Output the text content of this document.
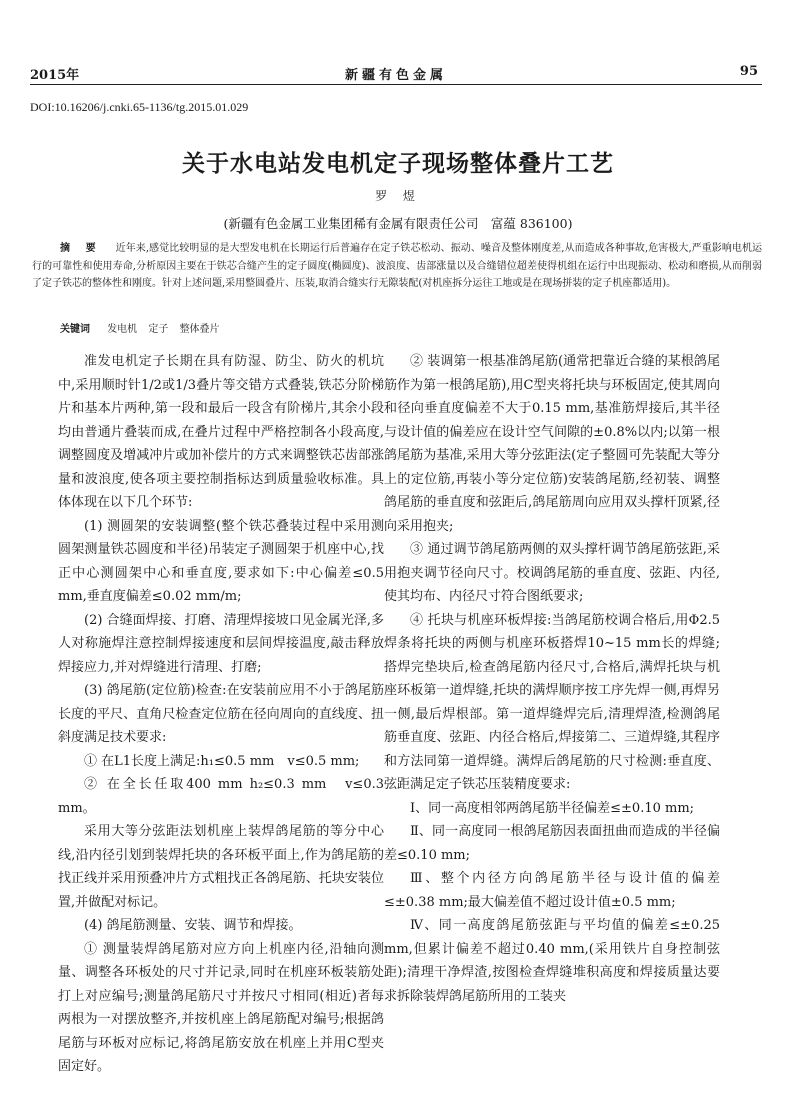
2015年	新疆有色金属	95
DOI:10.16206/j.cnki.65-1136/tg.2015.01.029
关于水电站发电机定子现场整体叠片工艺
罗 煜
(新疆有色金属工业集团稀有金属有限责任公司　富蕴 836100)
摘 要 近年来,感觉比较明显的是大型发电机在长期运行后普遍存在定子铁芯松动、振动、噪音及整体刚度差,从而造成各种事故,危害极大,严重影响电机运行的可靠性和使用寿命,分析原因主要在于铁芯合缝产生的定子圆度(椭圆度)、波浪度、齿部涨量以及合缝错位超差使得机组在运行中出现振动、松动和磨损,从而削弱了定子铁芯的整体性和刚度。针对上述问题,采用整圆叠片、压装,取消合缝实行无隙装配(对机座拆分运往工地或是在现场拼装的定子机座都适用)。
关键词 发电机 定子 整体叠片

准发电机定子长期在具有防湿、防尘、防火的机坑中,采用顺时针1/2或1/3叠片等交错方式叠装,铁芯分阶梯片和基本片两种,第一段和最后一段含有阶梯片,其余小段均由普通片叠装而成,在叠片过程中严格控制各小段高度,调整圆度及增减冲片或加补偿片的方式来调整铁芯齿部涨量和波浪度,使各项主要控制指标达到质量验收标准。具体体现在以下几个环节:

(1) 测圆架的安装调整(整个铁芯叠装过程中采用测圆架测量铁芯圆度和半径)吊装定子测圆架于机座中心,找正中心测圆架中心和垂直度,要求如下:中心偏差≤0.5 mm,垂直度偏差≤0.02 mm/m;

(2) 合缝面焊接、打磨、清理焊接坡口见金属光泽,多人对称施焊注意控制焊接速度和层间焊接温度,敲击释放焊接应力,并对焊缝进行清理、打磨;

(3) 鸽尾筋(定位筋)检查:在安装前应用不小于鸽尾筋长度的平尺、直角尺检查定位筋在径向周向的直线度、扭斜度满足技术要求:

① 在L1长度上满足:h₁≤0.5 mm　v≤0.5 mm;

② 在全长任取400 mm h₂≤0.3 mm　v≤0.3 mm。

采用大等分弦距法划机座上装焊鸽尾筋的等分中心线,沿内径引划到装焊托块的各环板平面上,作为鸽尾筋的找正线并采用预叠冲片方式粗找正各鸽尾筋、托块安装位置,并做配对标记。

(4) 鸽尾筋测量、安装、调节和焊接。

① 测量装焊鸽尾筋对应方向上机座内径,沿轴向测量、调整各环板处的尺寸并记录,同时在机座环板装筋处打上对应编号;测量鸽尾筋尺寸并按尺寸相同(相近)者每两根为一对摆放整齐,并按机座上鸽尾筋配对编号;根据鸽尾筋与环板对应标记,将鸽尾筋安放在机座上并用C型夹固定好。

② 装调第一根基准鸽尾筋(通常把靠近合缝的某根鸽尾筋作为第一根鸽尾筋),用C型夹将托块与环板固定,使其周向和径向垂直度偏差不大于0.15 mm,基准筋焊接后,其半径与设计值的偏差应在设计空气间隙的±0.8%以内;以第一根鸽尾筋为基准,采用大等分弦距法(定子整圆可先装配大等分上的定位筋,再装小等分定位筋)安装鸽尾筋,经初装、调整鸽尾筋的垂直度和弦距后,鸽尾筋周向应用双头撑杆顶紧,径向采用抱夹;

③ 通过调节鸽尾筋两侧的双头撑杆调节鸽尾筋弦距,采用抱夹调节径向尺寸。校调鸽尾筋的垂直度、弦距、内径,使其均布、内径尺寸符合图纸要求;

④ 托块与机座环板焊接:当鸽尾筋校调合格后,用Φ2.5焊条将托块的两侧与机座环板搭焊10~15 mm长的焊缝;搭焊完垫块后,检查鸽尾筋内径尺寸,合格后,满焊托块与机座环板第一道焊缝,托块的满焊顺序按工序先焊一侧,再焊另一侧,最后焊根部。第一道焊缝焊完后,清理焊渣,检测鸽尾筋垂直度、弦距、内径合格后,焊接第二、三道焊缝,其程序和方法同第一道焊缝。满焊后鸽尾筋的尺寸检测:垂直度、弦距满足定子铁芯压装精度要求:

Ⅰ、同一高度相邻两鸽尾筋半径偏差≤±0.10 mm;

Ⅱ、同一高度同一根鸽尾筋因表面扭曲而造成的半径偏差≤0.10 mm;

Ⅲ、整个内径方向鸽尾筋半径与设计值的偏差≤±0.38 mm;最大偏差值不超过设计值±0.5 mm;

Ⅳ、同一高度鸽尾筋弦距与平均值的偏差≤±0.25 mm,但累计偏差不超过0.40 mm,(采用铁片自身控制弦距);清理干净焊渣,按图检查焊缝堆积高度和焊接质量达要求拆除装焊鸽尾筋所用的工装夹
